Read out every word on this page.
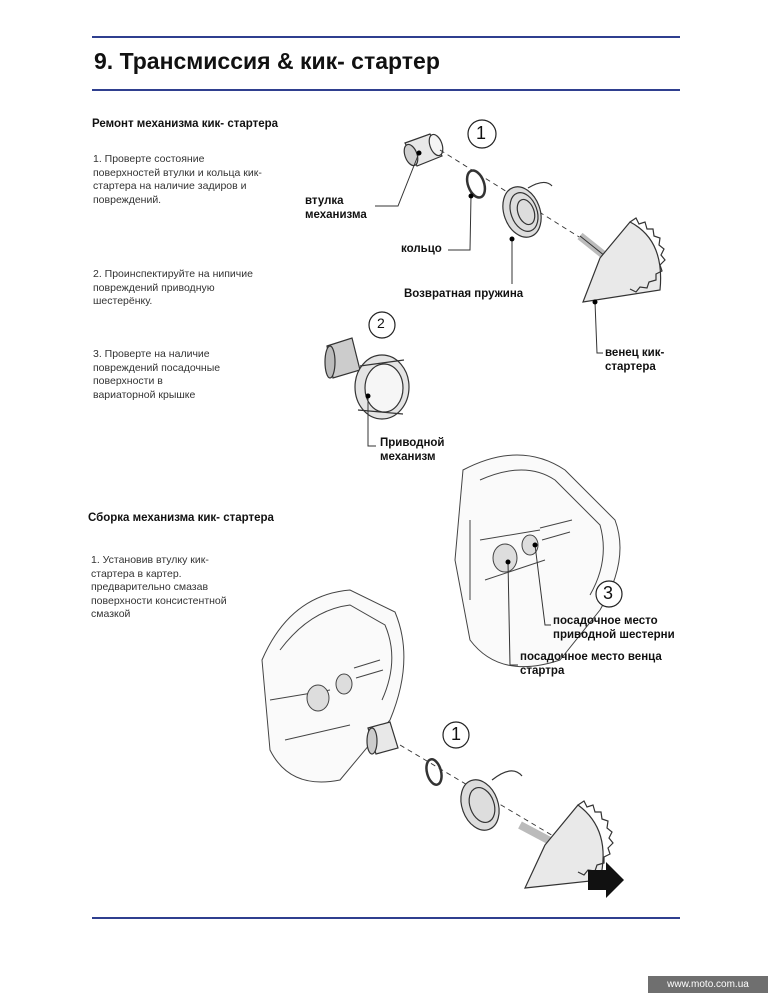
9. Трансмиссия & кик- стартер
Ремонт механизма кик- стартера
1. Проверте состояние
поверхностей втулки и кольца кик-
стартера на наличие задиров и
повреждений.
2. Проинспектируйте на нипичие
повреждений приводную
шестерёнку.
3. Проверте на наличие
повреждений посадочные
поверхности в
вариаторной крышке
Сборка механизма кик- стартера
1. Установив втулку кик-
стартера в картер.
предварительно смазав
поверхности консистентной
смазкой
1
2
3
1
втулка
механизма
кольцо
Возвратная пружина
венец кик-
стартера
Приводной
механизм
посадочное место
приводной шестерни
посадочное место венца
стартра
www.moto.com.ua
